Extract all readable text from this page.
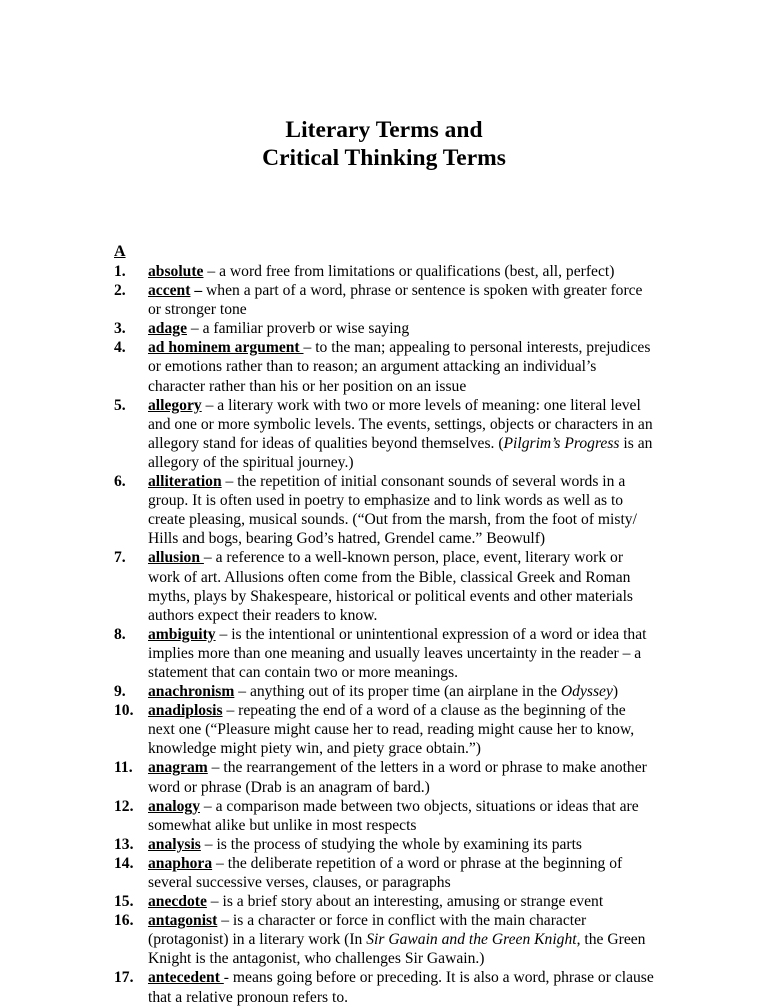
Literary Terms and
Critical Thinking Terms
A
1.	absolute – a word free from limitations or qualifications (best, all, perfect)
2.	accent – when a part of a word, phrase or sentence is spoken with greater force or stronger tone
3.	adage – a familiar proverb or wise saying
4.	ad hominem argument – to the man; appealing to personal interests, prejudices or emotions rather than to reason; an argument attacking an individual’s character rather than his or her position on an issue
5.	allegory – a literary work with two or more levels of meaning: one literal level and one or more symbolic levels. The events, settings, objects or characters in an allegory stand for ideas of qualities beyond themselves. (Pilgrim’s Progress is an allegory of the spiritual journey.)
6.	alliteration – the repetition of initial consonant sounds of several words in a group. It is often used in poetry to emphasize and to link words as well as to create pleasing, musical sounds. (“Out from the marsh, from the foot of misty/ Hills and bogs, bearing God’s hatred, Grendel came.” Beowulf)
7.	allusion – a reference to a well-known person, place, event, literary work or work of art. Allusions often come from the Bible, classical Greek and Roman myths, plays by Shakespeare, historical or political events and other materials authors expect their readers to know.
8.	ambiguity – is the intentional or unintentional expression of a word or idea that implies more than one meaning and usually leaves uncertainty in the reader – a statement that can contain two or more meanings.
9.	anachronism – anything out of its proper time (an airplane in the Odyssey)
10. anadiplosis – repeating the end of a word of a clause as the beginning of the next one (“Pleasure might cause her to read, reading might cause her to know, knowledge might piety win, and piety grace obtain.”)
11. anagram – the rearrangement of the letters in a word or phrase to make another word or phrase (Drab is an anagram of bard.)
12. analogy – a comparison made between two objects, situations or ideas that are somewhat alike but unlike in most respects
13. analysis – is the process of studying the whole by examining its parts
14. anaphora – the deliberate repetition of a word or phrase at the beginning of several successive verses, clauses, or paragraphs
15. anecdote – is a brief story about an interesting, amusing or strange event
16. antagonist – is a character or force in conflict with the main character (protagonist) in a literary work (In Sir Gawain and the Green Knight, the Green Knight is the antagonist, who challenges Sir Gawain.)
17. antecedent - means going before or preceding. It is also a word, phrase or clause that a relative pronoun refers to.
